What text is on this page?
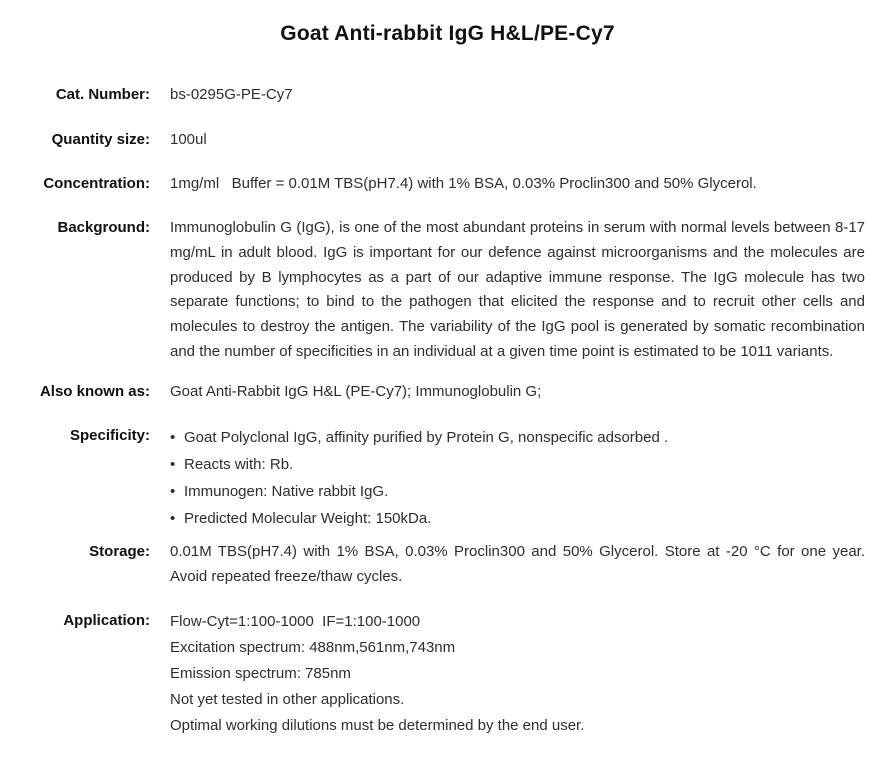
Goat Anti-rabbit IgG H&L/PE-Cy7
Cat. Number: bs-0295G-PE-Cy7
Quantity size: 100ul
Concentration: 1mg/ml   Buffer = 0.01M TBS(pH7.4) with 1% BSA, 0.03% Proclin300 and 50% Glycerol.
Background: Immunoglobulin G (IgG), is one of the most abundant proteins in serum with normal levels between 8-17 mg/mL in adult blood. IgG is important for our defence against microorganisms and the molecules are produced by B lymphocytes as a part of our adaptive immune response. The IgG molecule has two separate functions; to bind to the pathogen that elicited the response and to recruit other cells and molecules to destroy the antigen. The variability of the IgG pool is generated by somatic recombination and the number of specificities in an individual at a given time point is estimated to be 1011 variants.
Also known as: Goat Anti-Rabbit IgG H&L (PE-Cy7); Immunoglobulin G;
Specificity:	• Goat Polyclonal IgG, affinity purified by Protein G, nonspecific adsorbed .
• Reacts with: Rb.
• Immunogen: Native rabbit IgG.
• Predicted Molecular Weight: 150kDa.
Storage: 0.01M TBS(pH7.4) with 1% BSA, 0.03% Proclin300 and 50% Glycerol. Store at -20 °C for one year. Avoid repeated freeze/thaw cycles.
Application: Flow-Cyt=1:100-1000  IF=1:100-1000
Excitation spectrum: 488nm,561nm,743nm
Emission spectrum: 785nm
Not yet tested in other applications.
Optimal working dilutions must be determined by the end user.
